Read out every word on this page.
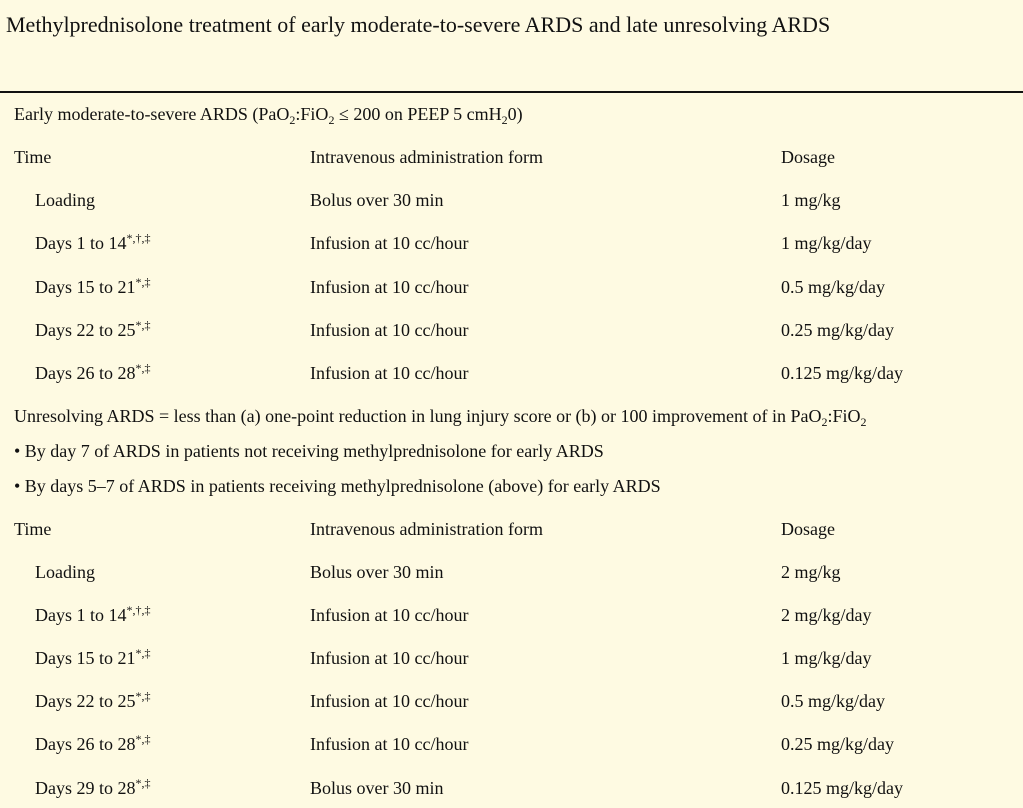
Methylprednisolone treatment of early moderate-to-severe ARDS and late unresolving ARDS
Early moderate-to-severe ARDS (PaO$_2$:FiO$_2$ ≤ 200 on PEEP 5 cmH$_2$0)
Time	Intravenous administration form	Dosage
Loading	Bolus over 30 min	1 mg/kg
Days 1 to 14*,†,‡	Infusion at 10 cc/hour	1 mg/kg/day
Days 15 to 21*,‡	Infusion at 10 cc/hour	0.5 mg/kg/day
Days 22 to 25*,‡	Infusion at 10 cc/hour	0.25 mg/kg/day
Days 26 to 28*,‡	Infusion at 10 cc/hour	0.125 mg/kg/day
Unresolving ARDS = less than (a) one-point reduction in lung injury score or (b) or 100 improvement of in PaO$_2$:FiO$_2$
• By day 7 of ARDS in patients not receiving methylprednisolone for early ARDS
• By days 5–7 of ARDS in patients receiving methylprednisolone (above) for early ARDS
Time	Intravenous administration form	Dosage
Loading	Bolus over 30 min	2 mg/kg
Days 1 to 14*,†,‡	Infusion at 10 cc/hour	2 mg/kg/day
Days 15 to 21*,‡	Infusion at 10 cc/hour	1 mg/kg/day
Days 22 to 25*,‡	Infusion at 10 cc/hour	0.5 mg/kg/day
Days 26 to 28*,‡	Infusion at 10 cc/hour	0.25 mg/kg/day
Days 29 to 28*,‡	Bolus over 30 min	0.125 mg/kg/day
